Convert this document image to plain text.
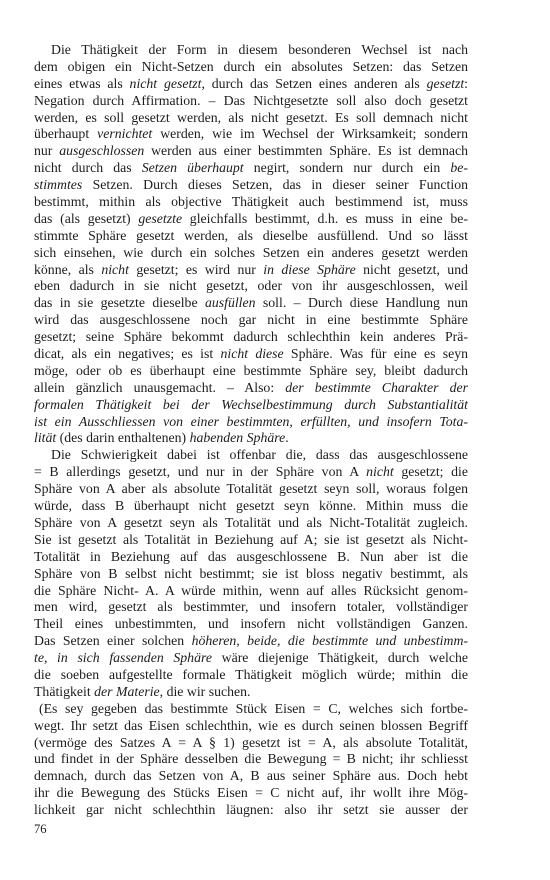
Die Thätigkeit der Form in diesem besonderen Wechsel ist nach
dem obigen ein Nicht-Setzen durch ein absolutes Setzen: das Setzen
eines etwas als nicht gesetzt, durch das Setzen eines anderen als gesetzt:
Negation durch Affirmation. – Das Nichtgesetzte soll also doch gesetzt
werden, es soll gesetzt werden, als nicht gesetzt. Es soll demnach nicht
überhaupt vernichtet werden, wie im Wechsel der Wirksamkeit; sondern
nur ausgeschlossen werden aus einer bestimmten Sphäre. Es ist demnach
nicht durch das Setzen überhaupt negirt, sondern nur durch ein be-
stimmtes Setzen. Durch dieses Setzen, das in dieser seiner Function
bestimmt, mithin als objective Thätigkeit auch bestimmend ist, muss
das (als gesetzt) gesetzte gleichfalls bestimmt, d.h. es muss in eine be-
stimmte Sphäre gesetzt werden, als dieselbe ausfüllend. Und so lässt
sich einsehen, wie durch ein solches Setzen ein anderes gesetzt werden
könne, als nicht gesetzt; es wird nur in diese Sphäre nicht gesetzt, und
eben dadurch in sie nicht gesetzt, oder von ihr ausgeschlossen, weil
das in sie gesetzte dieselbe ausfüllen soll. – Durch diese Handlung nun
wird das ausgeschlossene noch gar nicht in eine bestimmte Sphäre
gesetzt; seine Sphäre bekommt dadurch schlechthin kein anderes Prä-
dicat, als ein negatives; es ist nicht diese Sphäre. Was für eine es seyn
möge, oder ob es überhaupt eine bestimmte Sphäre sey, bleibt dadurch
allein gänzlich unausgemacht. – Also: der bestimmte Charakter der
formalen Thätigkeit bei der Wechselbestimmung durch Substantialität
ist ein Ausschliessen von einer bestimmten, erfüllten, und insofern Tota-
lität (des darin enthaltenen) habenden Sphäre.
Die Schwierigkeit dabei ist offenbar die, dass das ausgeschlossene
= B allerdings gesetzt, und nur in der Sphäre von A nicht gesetzt; die
Sphäre von A aber als absolute Totalität gesetzt seyn soll, woraus folgen
würde, dass B überhaupt nicht gesetzt seyn könne. Mithin muss die
Sphäre von A gesetzt seyn als Totalität und als Nicht-Totalität zugleich.
Sie ist gesetzt als Totalität in Beziehung auf A; sie ist gesetzt als Nicht-
Totalität in Beziehung auf das ausgeschlossene B. Nun aber ist die
Sphäre von B selbst nicht bestimmt; sie ist bloss negativ bestimmt, als
die Sphäre Nicht- A. A würde mithin, wenn auf alles Rücksicht genom-
men wird, gesetzt als bestimmter, und insofern totaler, vollständiger
Theil eines unbestimmten, und insofern nicht vollständigen Ganzen.
Das Setzen einer solchen höheren, beide, die bestimmte und unbestimm-
te, in sich fassenden Sphäre wäre diejenige Thätigkeit, durch welche
die soeben aufgestellte formale Thätigkeit möglich würde; mithin die
Thätigkeit der Materie, die wir suchen.
(Es sey gegeben das bestimmte Stück Eisen = C, welches sich fortbe-
wegt. Ihr setzt das Eisen schlechthin, wie es durch seinen blossen Begriff
(vermöge des Satzes A = A § 1) gesetzt ist = A, als absolute Totalität,
und findet in der Sphäre desselben die Bewegung = B nicht; ihr schliesst
demnach, durch das Setzen von A, B aus seiner Sphäre aus. Doch hebt
ihr die Bewegung des Stücks Eisen = C nicht auf, ihr wollt ihre Mög-
lichkeit gar nicht schlechthin läugnen: also ihr setzt sie ausser der
76
